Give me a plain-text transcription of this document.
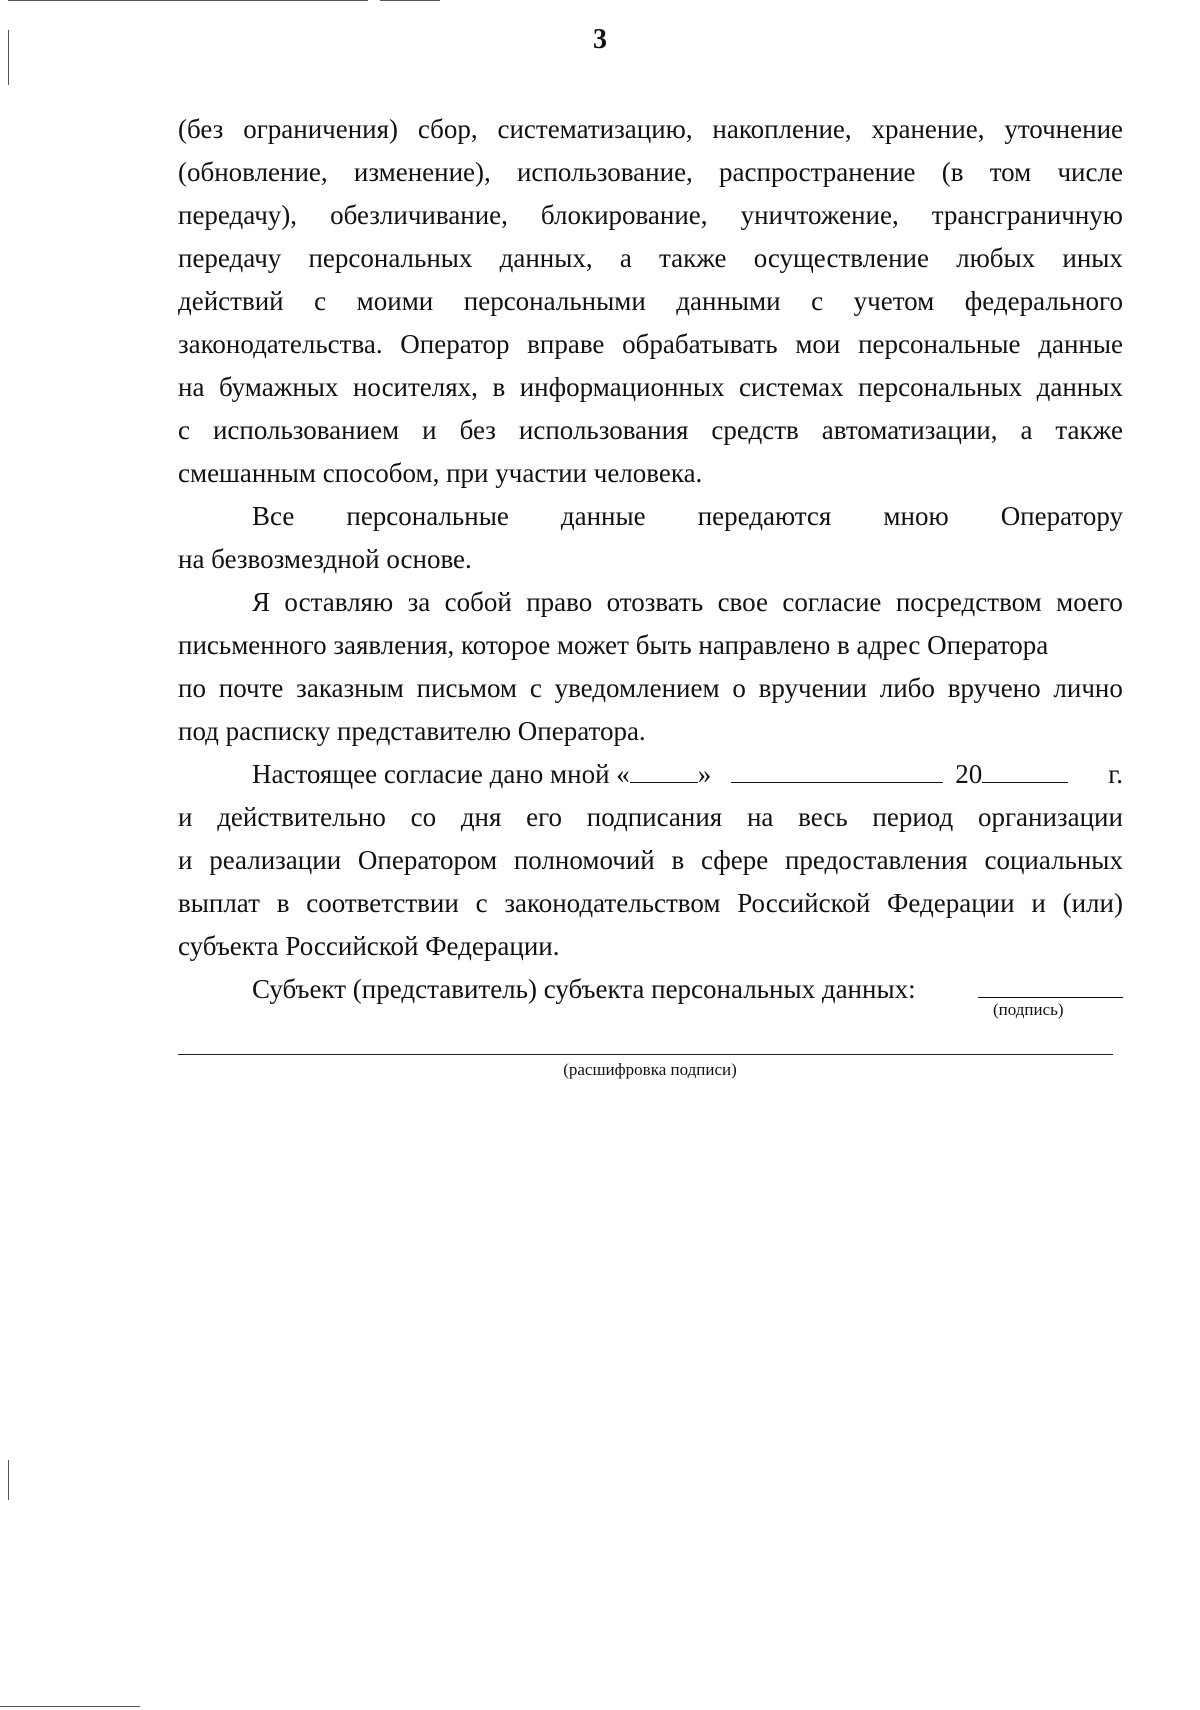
3
(без ограничения) сбор, систематизацию, накопление, хранение, уточнение
(обновление, изменение), использование, распространение (в том числе
передачу), обезличивание, блокирование, уничтожение, трансграничную
передачу персональных данных, а также осуществление любых иных
действий с моими персональными данными с учетом федерального
законодательства. Оператор вправе обрабатывать мои персональные данные
на бумажных носителях, в информационных системах персональных данных
с использованием и без использования средств автоматизации, а также
смешанным способом, при участии человека.
Все персональные данные передаются мною Оператору
на безвозмездной основе.
Я оставляю за собой право отозвать свое согласие посредством моего
письменного заявления, которое может быть направлено в адрес Оператора
по почте заказным письмом с уведомлением о вручении либо вручено лично
под расписку представителю Оператора.
Настоящее согласие дано мной «	»	20	г.
и действительно со дня его подписания на весь период организации
и реализации Оператором полномочий в сфере предоставления социальных
выплат в соответствии с законодательством Российской Федерации и (или)
субъекта Российской Федерации.
Субъект (представитель) субъекта персональных данных:
(подпись)
(расшифровка подписи)
